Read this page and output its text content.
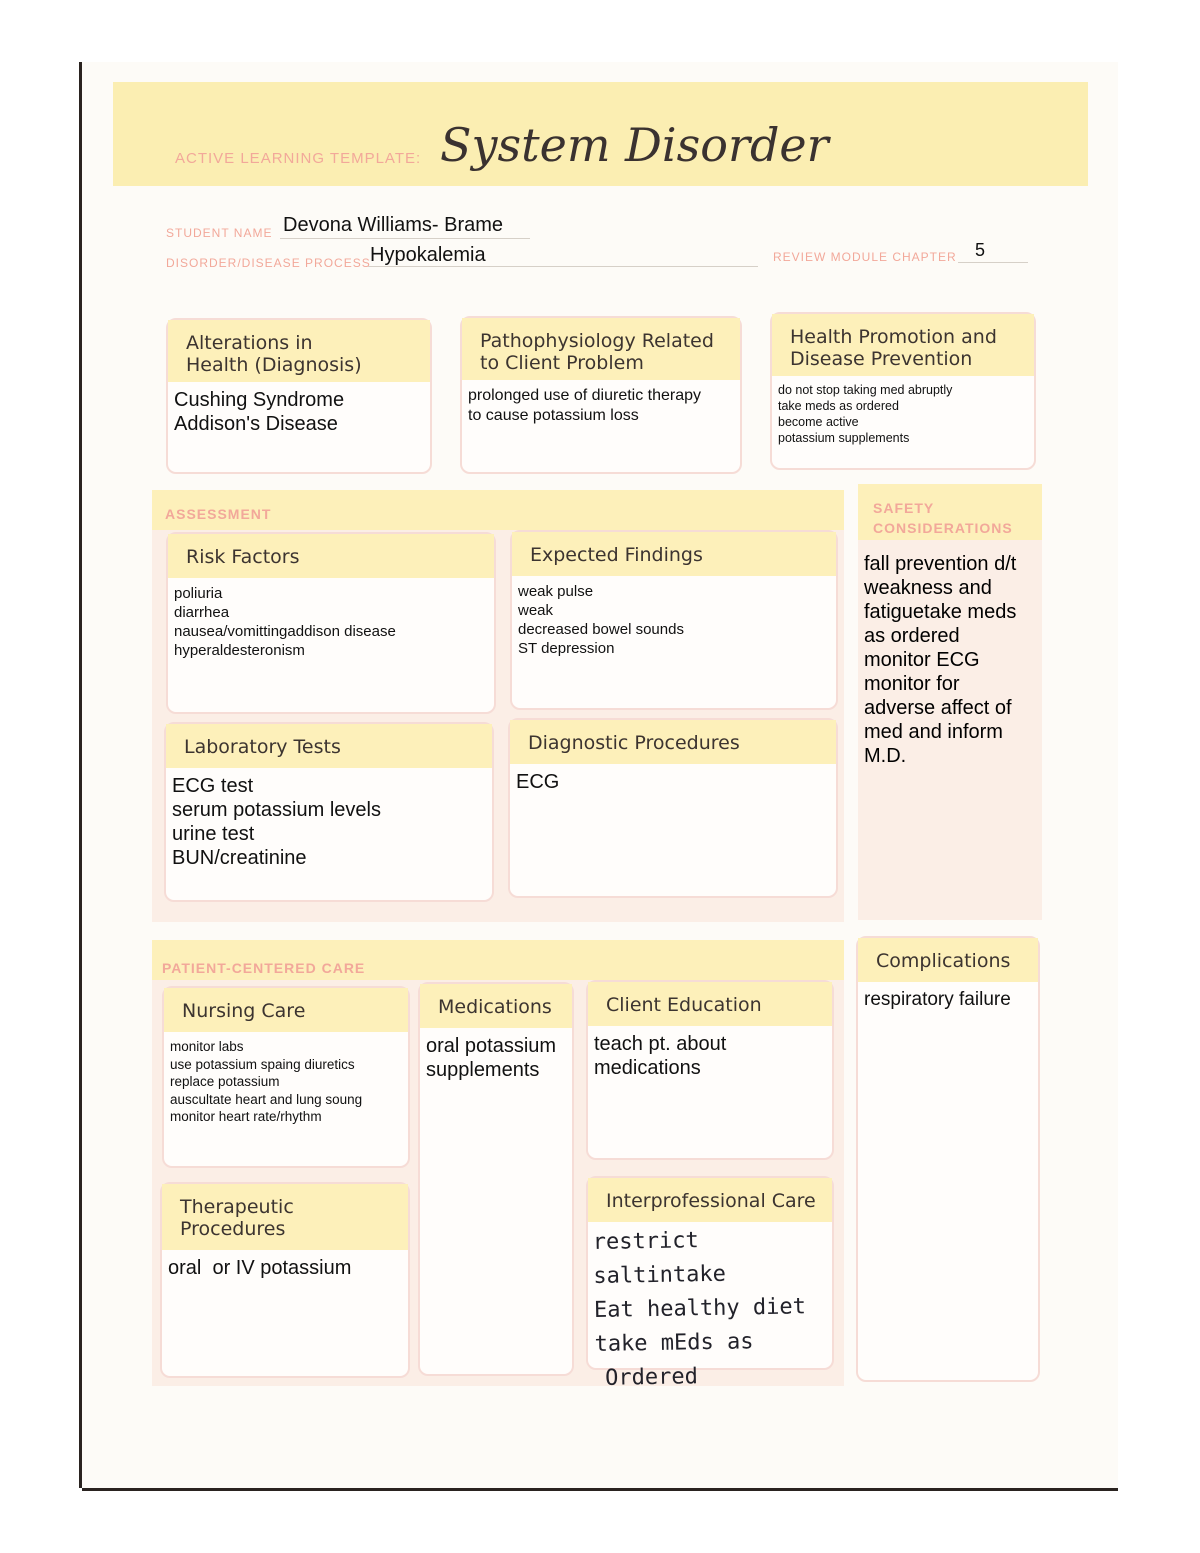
ACTIVE LEARNING TEMPLATE: System Disorder
STUDENT NAME Devona Williams- Brame
DISORDER/DISEASE PROCESS Hypokalemia	REVIEW MODULE CHAPTER 5
Alterations in
Health (Diagnosis)
Cushing Syndrome
Addison's Disease
Pathophysiology Related
to Client Problem
prolonged use of diuretic therapy
to cause potassium loss
Health Promotion and
Disease Prevention
do not stop taking med abruptly
take meds as ordered
become active
potassium supplements
ASSESSMENT
Risk Factors
poliuria
diarrhea
nausea/vomittingaddison disease
hyperaldesteronism
Expected Findings
weak pulse
weak
decreased bowel sounds
ST depression
Laboratory Tests
ECG test
serum potassium levels
urine test
BUN/creatinine
Diagnostic Procedures
ECG
SAFETY
CONSIDERATIONS
fall prevention d/t
weakness and
fatiguetake meds
as ordered
monitor ECG
monitor for
adverse affect of
med and inform
M.D.
PATIENT-CENTERED CARE
Nursing Care
monitor labs
use potassium spaing diuretics
replace potassium
auscultate heart and lung soung
monitor heart rate/rhythm
Medications
oral potassium
supplements
Client Education
teach pt. about
medications
Therapeutic Procedures
oral  or IV potassium
Interprofessional Care
restrict saltintake
Eat healthy diet
take mEds as
Ordered
Complications
respiratory failure
